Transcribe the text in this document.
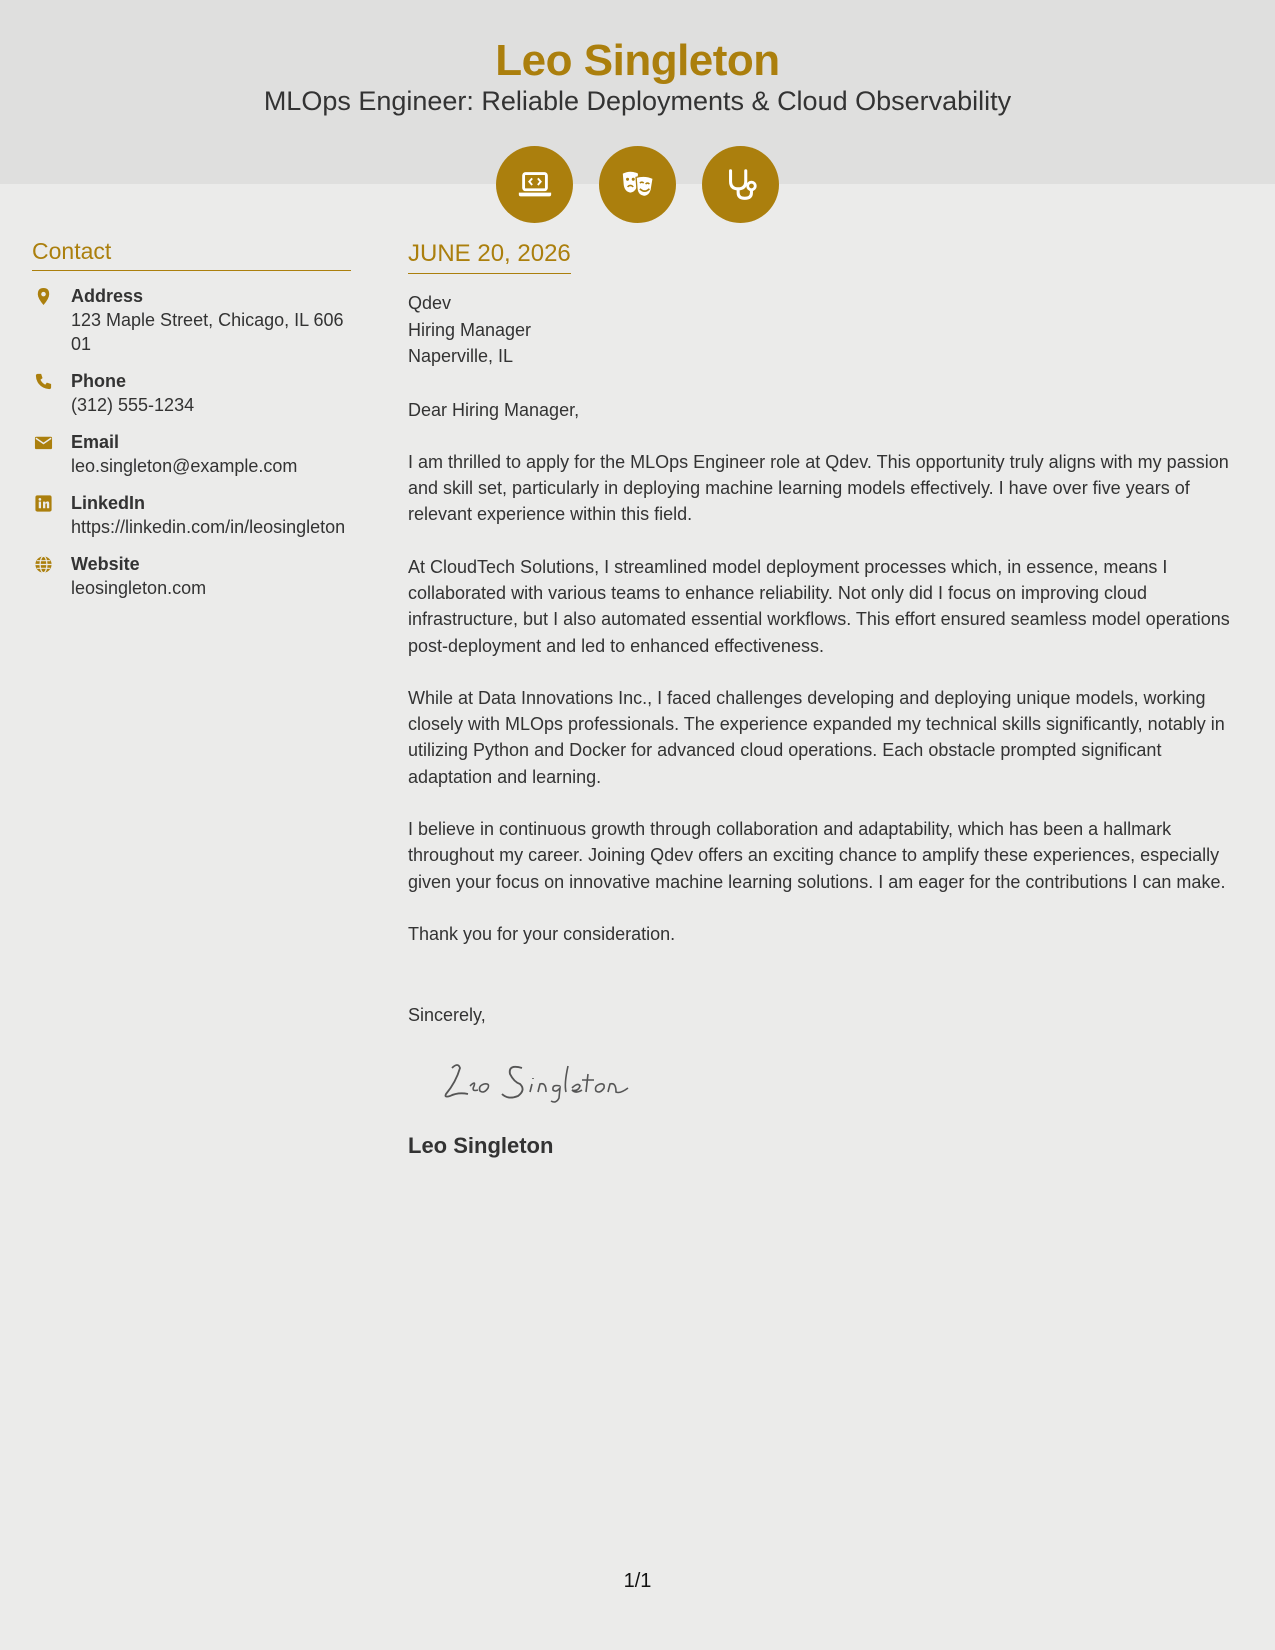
Leo Singleton
MLOps Engineer: Reliable Deployments & Cloud Observability
Contact
Address
123 Maple Street, Chicago, IL 60601
Phone
(312) 555-1234
Email
leo.singleton@example.com
LinkedIn
https://linkedin.com/in/leosingleton
Website
leosingleton.com
JUNE 20, 2026
Qdev
Hiring Manager
Naperville, IL
Dear Hiring Manager,
I am thrilled to apply for the MLOps Engineer role at Qdev. This opportunity truly aligns with my passion and skill set, particularly in deploying machine learning models effectively. I have over five years of relevant experience within this field.
At CloudTech Solutions, I streamlined model deployment processes which, in essence, means I collaborated with various teams to enhance reliability. Not only did I focus on improving cloud infrastructure, but I also automated essential workflows. This effort ensured seamless model operations post-deployment and led to enhanced effectiveness.
While at Data Innovations Inc., I faced challenges developing and deploying unique models, working closely with MLOps professionals. The experience expanded my technical skills significantly, notably in utilizing Python and Docker for advanced cloud operations. Each obstacle prompted significant adaptation and learning.
I believe in continuous growth through collaboration and adaptability, which has been a hallmark throughout my career. Joining Qdev offers an exciting chance to amplify these experiences, especially given your focus on innovative machine learning solutions. I am eager for the contributions I can make.
Thank you for your consideration.
Sincerely,
Leo Singleton
1/1
